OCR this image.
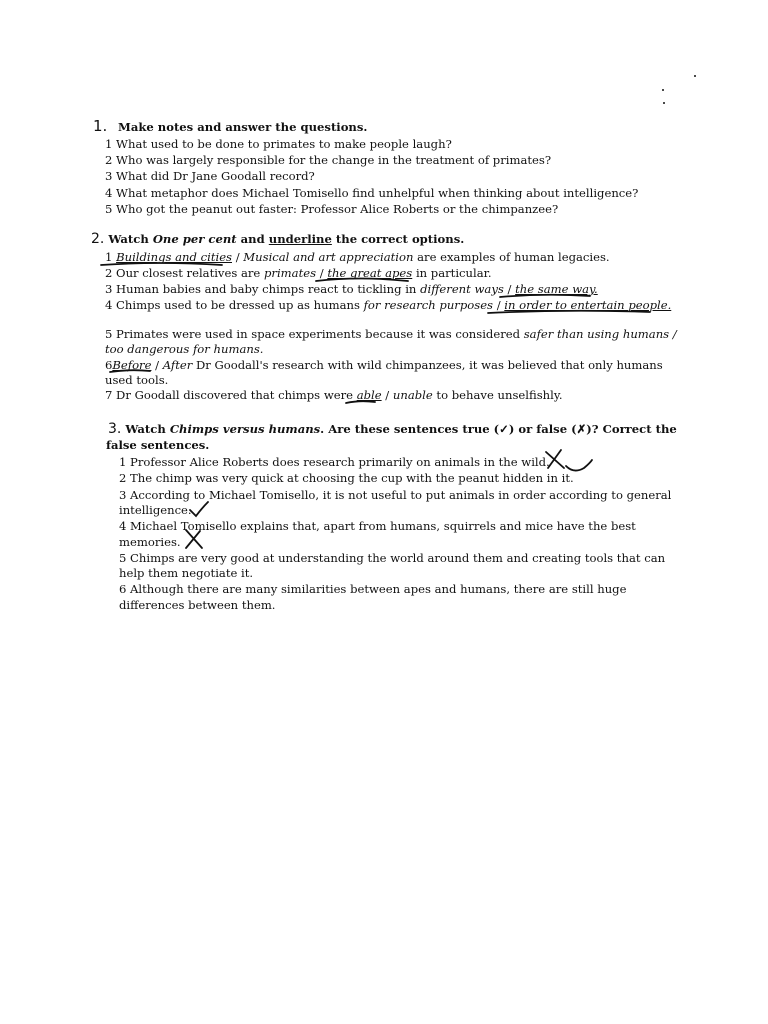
1. Make notes and answer the questions.
1 What used to be done to primates to make people laugh?
2 Who was largely responsible for the change in the treatment of primates?
3 What did Dr Jane Goodall record?
4 What metaphor does Michael Tomisello find unhelpful when thinking about intelligence?
5 Who got the peanut out faster: Professor Alice Roberts or the chimpanzee?
2. Watch One per cent and underline the correct options.
1 Buildings and cities / Musical and art appreciation are examples of human legacies.
2 Our closest relatives are primates / the great apes in particular.
3 Human babies and baby chimps react to tickling in different ways / the same way.
4 Chimps used to be dressed up as humans for research purposes / in order to entertain people.
5 Primates were used in space experiments because it was considered safer than using humans /
too dangerous for humans.
6Before / After Dr Goodall's research with wild chimpanzees, it was believed that only humans
used tools.
7 Dr Goodall discovered that chimps were able / unable to behave unselfishly.
3. Watch Chimps versus humans. Are these sentences true (✓) or false (✗)? Correct the
false sentences.
1 Professor Alice Roberts does research primarily on animals in the wild.
2 The chimp was very quick at choosing the cup with the peanut hidden in it.
3 According to Michael Tomisello, it is not useful to put animals in order according to general
intelligence.
4 Michael Tomisello explains that, apart from humans, squirrels and mice have the best
memories.
5 Chimps are very good at understanding the world around them and creating tools that can
help them negotiate it.
6 Although there are many similarities between apes and humans, there are still huge
differences between them.
